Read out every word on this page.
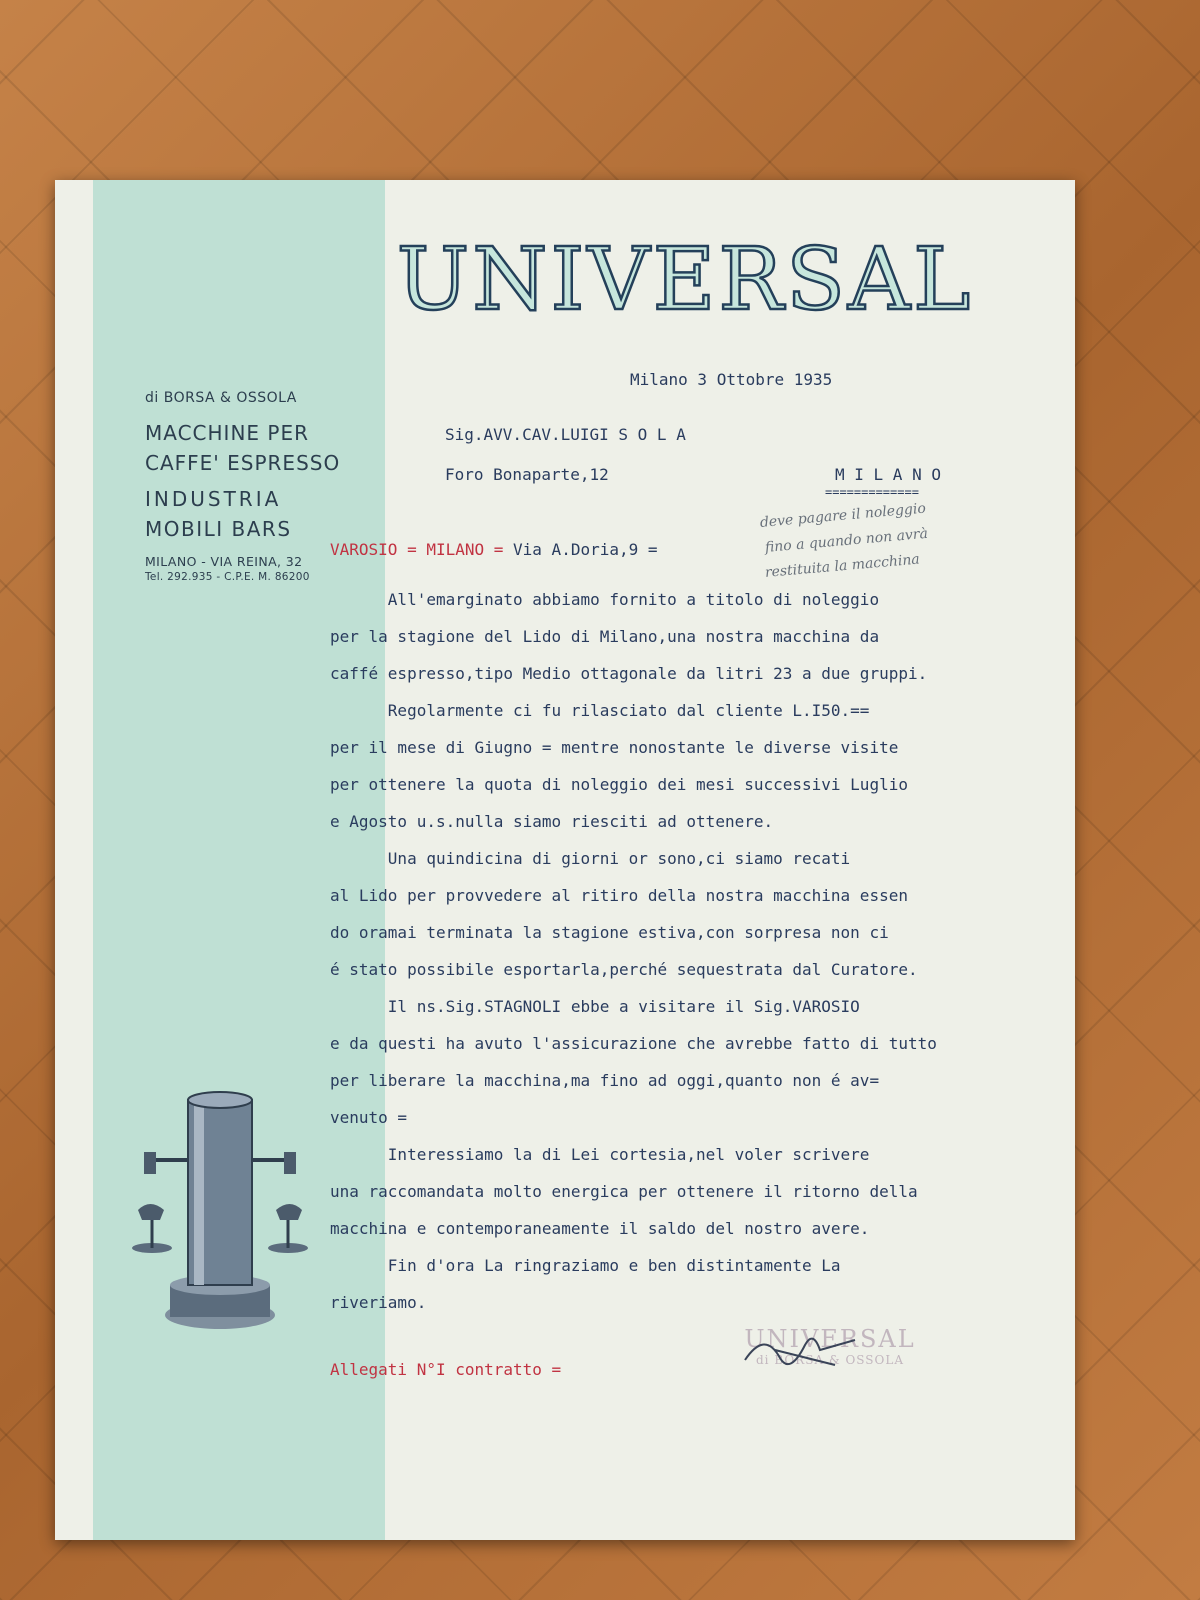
di BORSA & OSSOLA
MACCHINE PER
CAFFE' ESPRESSO
INDUSTRIA
MOBILI BARS
MILANO - VIA REINA, 32
Tel. 292.935 - C.P.E. M. 86200
UNIVERSAL
Milano 3 Ottobre 1935
Sig.AVV.CAV.LUIGI S O L A
Foro Bonaparte,12	M I L A N O
=============
VAROSIO = MILANO = Via A.Doria,9 =
deve pagare il noleggio
fino a quando non avrà
restituita la macchina
All'emarginato abbiamo fornito a titolo di noleggio
per la stagione del Lido di Milano,una nostra macchina da
caffé espresso,tipo Medio ottagonale da litri 23 a due gruppi.
Regolarmente ci fu rilasciato dal cliente L.I50.==
per il mese di Giugno = mentre nonostante le diverse visite
per ottenere la quota di noleggio dei mesi successivi Luglio
e Agosto u.s.nulla siamo riesciti ad ottenere.
Una quindicina di giorni or sono,ci siamo recati
al Lido per provvedere al ritiro della nostra macchina essen
do oramai terminata la stagione estiva,con sorpresa non ci
é stato possibile esportarla,perché sequestrata dal Curatore.
Il ns.Sig.STAGNOLI ebbe a visitare il Sig.VAROSIO
e da questi ha avuto l'assicurazione che avrebbe fatto di tutto
per liberare la macchina,ma fino ad oggi,quanto non é av=
venuto =
Interessiamo la di Lei cortesia,nel voler scrivere
una raccomandata molto energica per ottenere il ritorno della
macchina e contemporaneamente il saldo del nostro avere.
Fin d'ora La ringraziamo e ben distintamente La
riveriamo.
UNIVERSAL
di BORSA & OSSOLA
Allegati N°I contratto =
